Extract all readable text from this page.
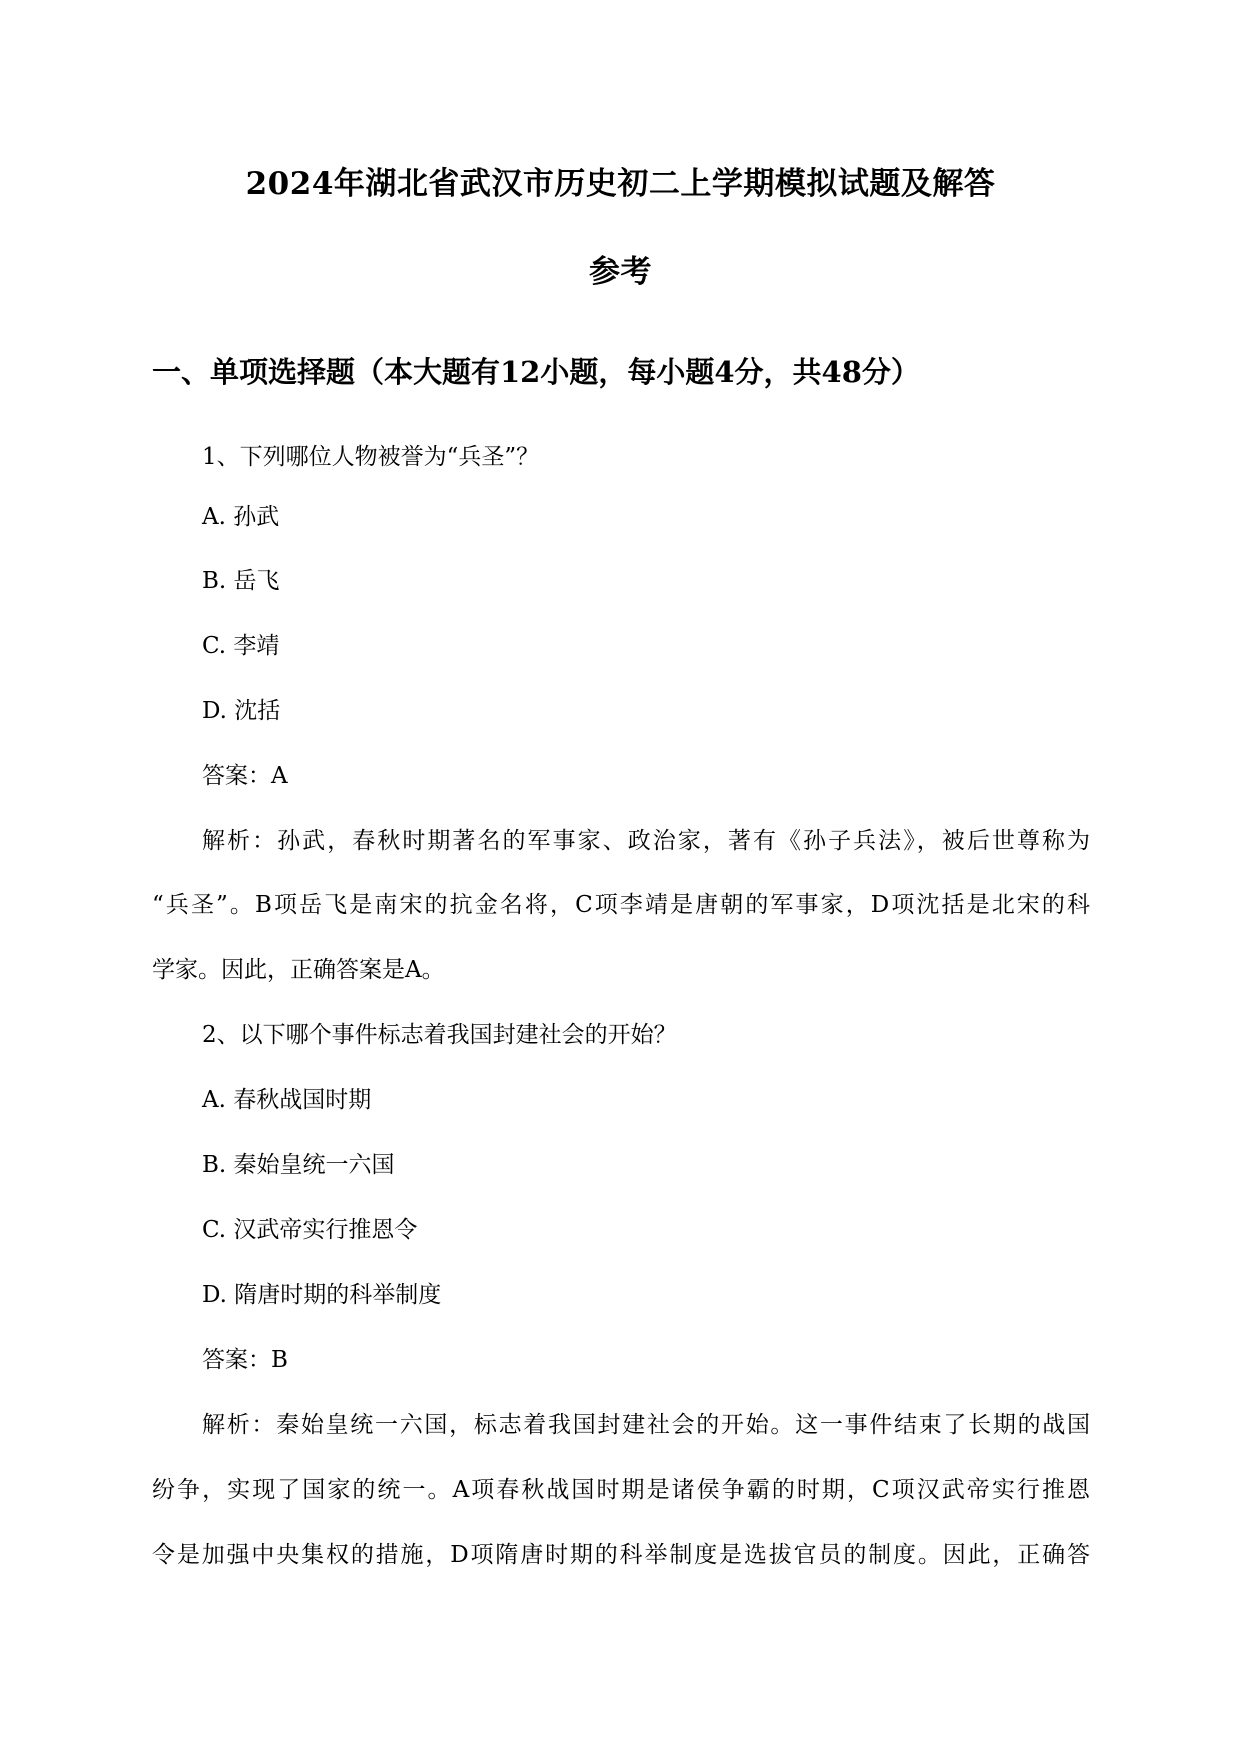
2024年湖北省武汉市历史初二上学期模拟试题及解答
参考
一、单项选择题（本大题有12小题，每小题4分，共48分）
1、下列哪位人物被誉为“兵圣”？
A. 孙武
B. 岳飞
C. 李靖
D. 沈括
答案：A
解析：孙武，春秋时期著名的军事家、政治家，著有《孙子兵法》，被后世尊称为
“兵圣”。B项岳飞是南宋的抗金名将，C项李靖是唐朝的军事家，D项沈括是北宋的科
学家。因此，正确答案是A。
2、以下哪个事件标志着我国封建社会的开始？
A. 春秋战国时期
B. 秦始皇统一六国
C. 汉武帝实行推恩令
D. 隋唐时期的科举制度
答案：B
解析：秦始皇统一六国，标志着我国封建社会的开始。这一事件结束了长期的战国
纷争，实现了国家的统一。A项春秋战国时期是诸侯争霸的时期，C项汉武帝实行推恩
令是加强中央集权的措施，D项隋唐时期的科举制度是选拔官员的制度。因此，正确答
